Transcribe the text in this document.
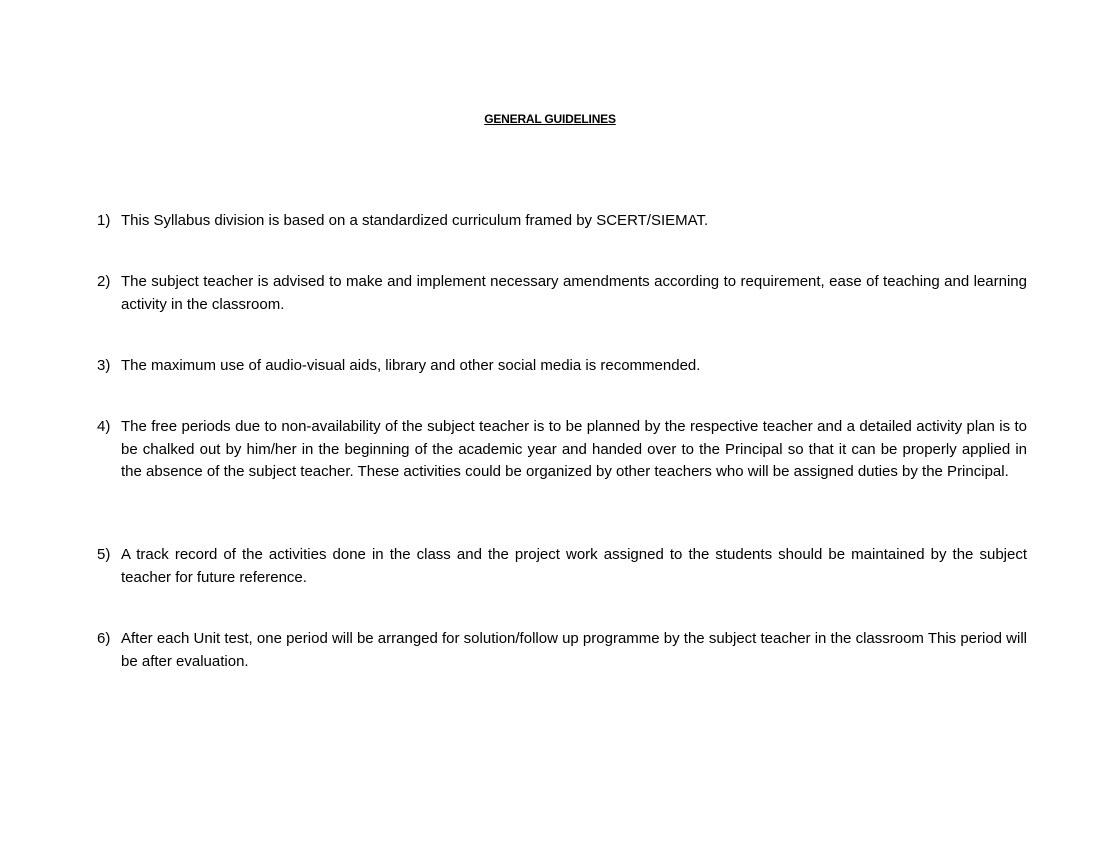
GENERAL GUIDELINES
1) This Syllabus division is based on a standardized curriculum framed by SCERT/SIEMAT.
2) The subject teacher is advised to make and implement necessary amendments according to requirement, ease of teaching and learning activity in the classroom.
3) The maximum use of audio-visual aids, library and other social media is recommended.
4) The free periods due to non-availability of the subject teacher is to be planned by the respective teacher and a detailed activity plan is to be chalked out by him/her in the beginning of the academic year and handed over to the Principal so that it can be properly applied in the absence of the subject teacher. These activities could be organized by other teachers who will be assigned duties by the Principal.
5) A track record of the activities done in the class and the project work assigned to the students should be maintained by the subject teacher for future reference.
6) After each Unit test, one period will be arranged for solution/follow up programme by the subject teacher in the classroom This period will be after evaluation.
